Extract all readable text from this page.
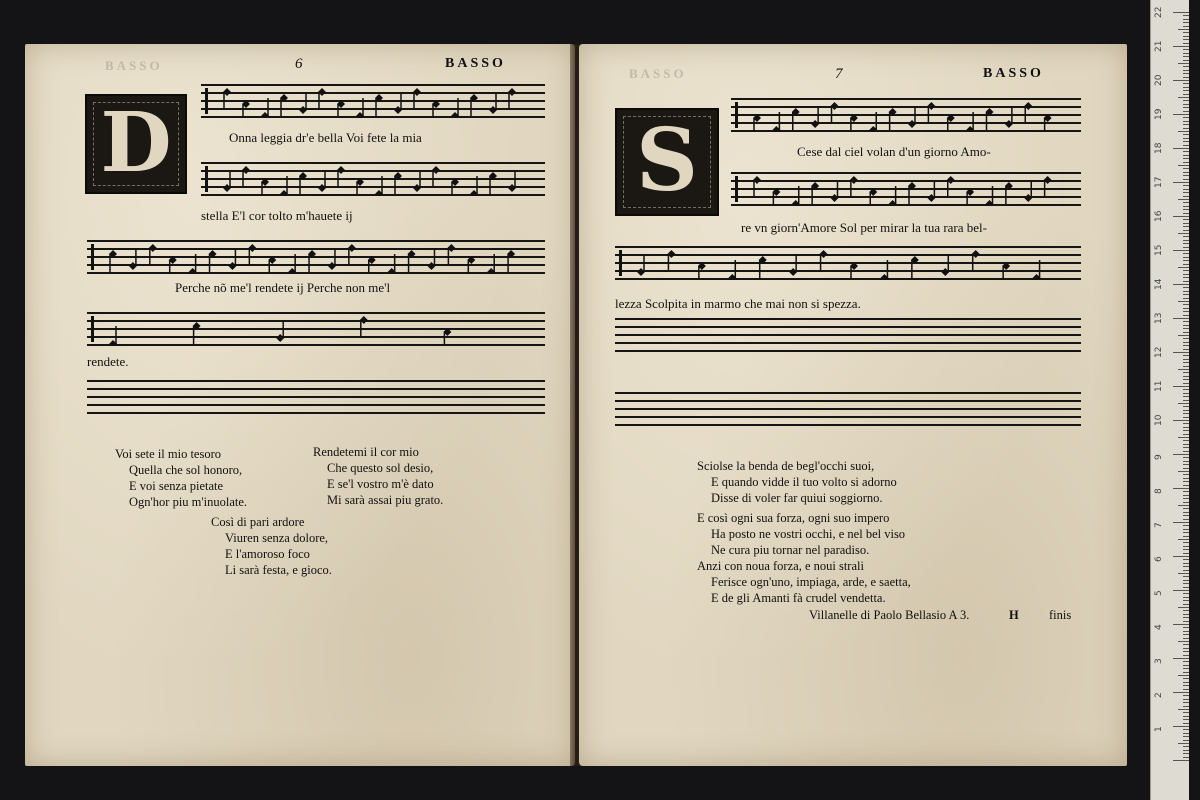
BASSO	6	BASSO
D	Onna leggia dr'e bella Voi fete la mia
stella E'l cor tolto m'hauete ij
Perche nõ me'l rendete ij Perche non me'l
rendete.
Voi sete il mio tesoro
Quella che sol honoro,
E voi senza pietate
Ogn'hor piu m'inuolate.
Rendetemi il cor mio
Che questo sol desio,
E se'l vostro m'è dato
Mi sarà assai piu grato.
Così di pari ardore
Viuren senza dolore,
E l'amoroso foco
Li sarà festa, e gioco.
BASSO	7	BASSO
S	Cese dal ciel volan d'un giorno Amo-
re vn giorn'Amore Sol per mirar la tua rara bel-
lezza Scolpita in marmo che mai non si spezza.
Sciolse la benda de begl'occhi suoi,
E quando vidde il tuo volto si adorno
Disse di voler far quiui soggiorno.
E così ogni sua forza, ogni suo impero
Ha posto ne vostri occhi, e nel bel viso
Ne cura piu tornar nel paradiso.
Anzi con noua forza, e noui strali
Ferisce ogn'uno, impiaga, arde, e saetta,
E de gli Amanti fà crudel vendetta.
Villanelle di Paolo Bellasio A 3.	H finis
1
2
3
4
5
6
7
8
9
10
11
12
13
14
15
16
17
18
19
20
21
22
